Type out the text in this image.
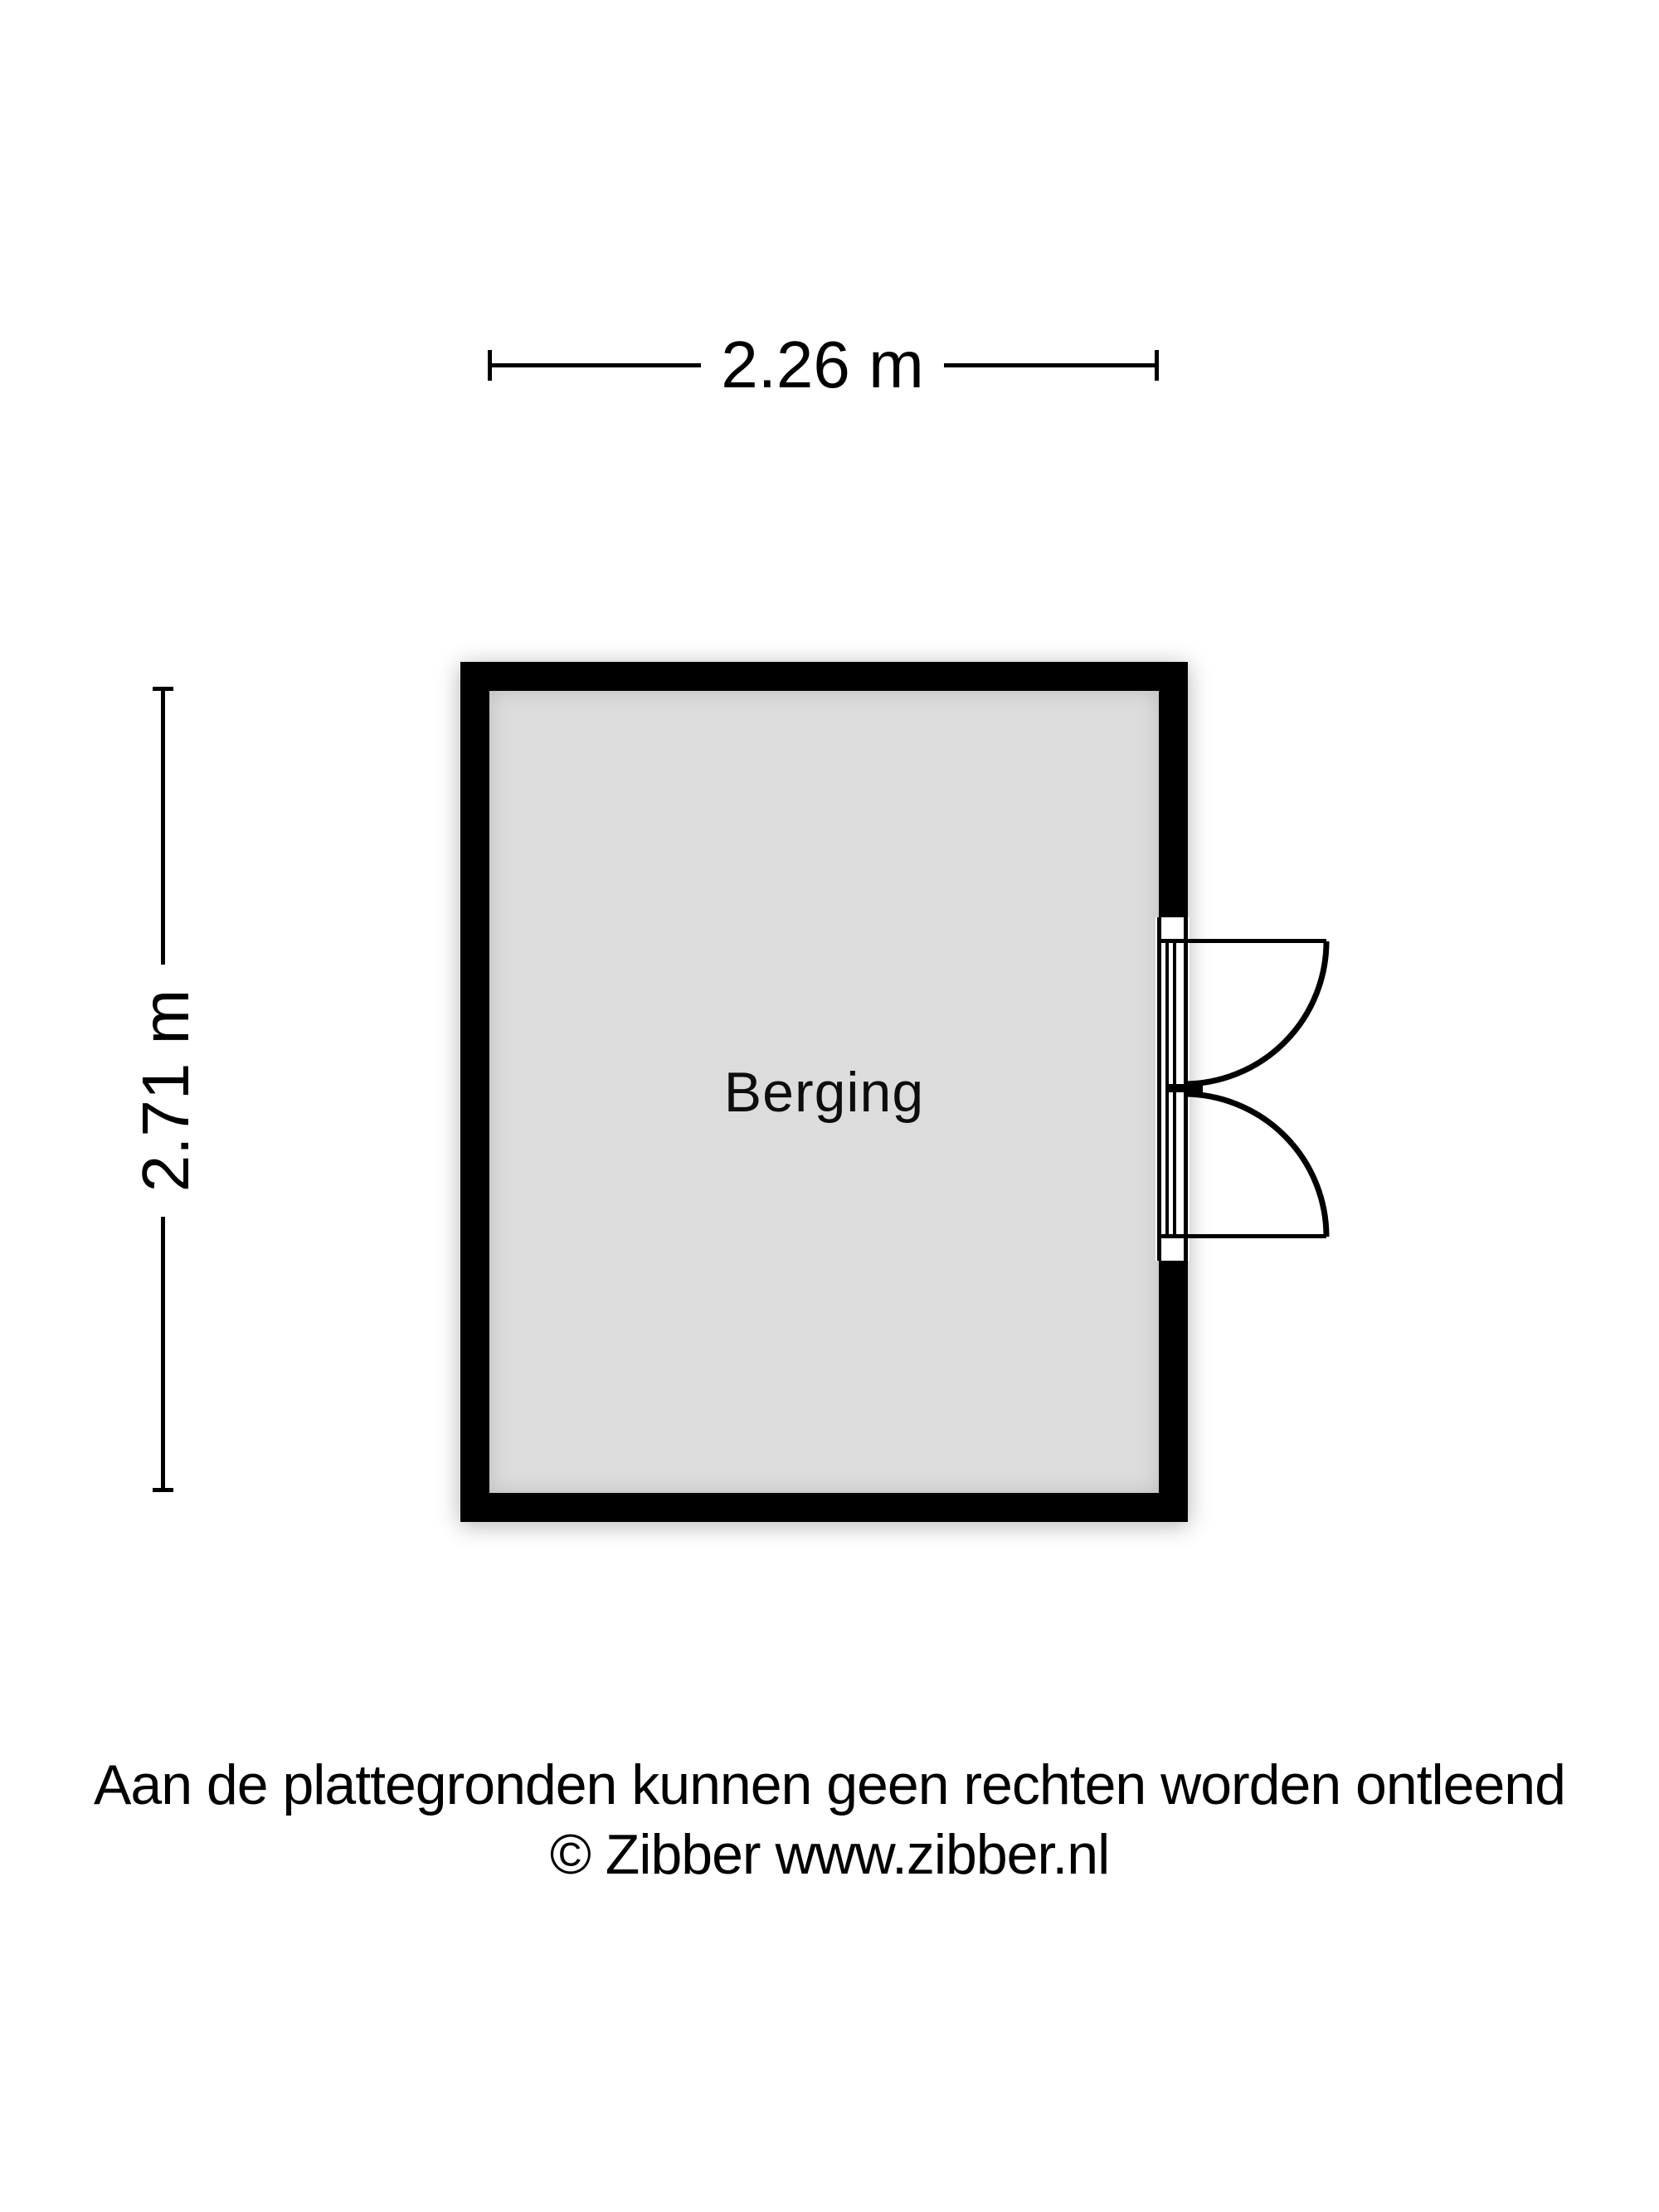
2.26 m
2.71 m	Berging
Aan de plattegronden kunnen geen rechten worden ontleend
© Zibber www.zibber.nl
